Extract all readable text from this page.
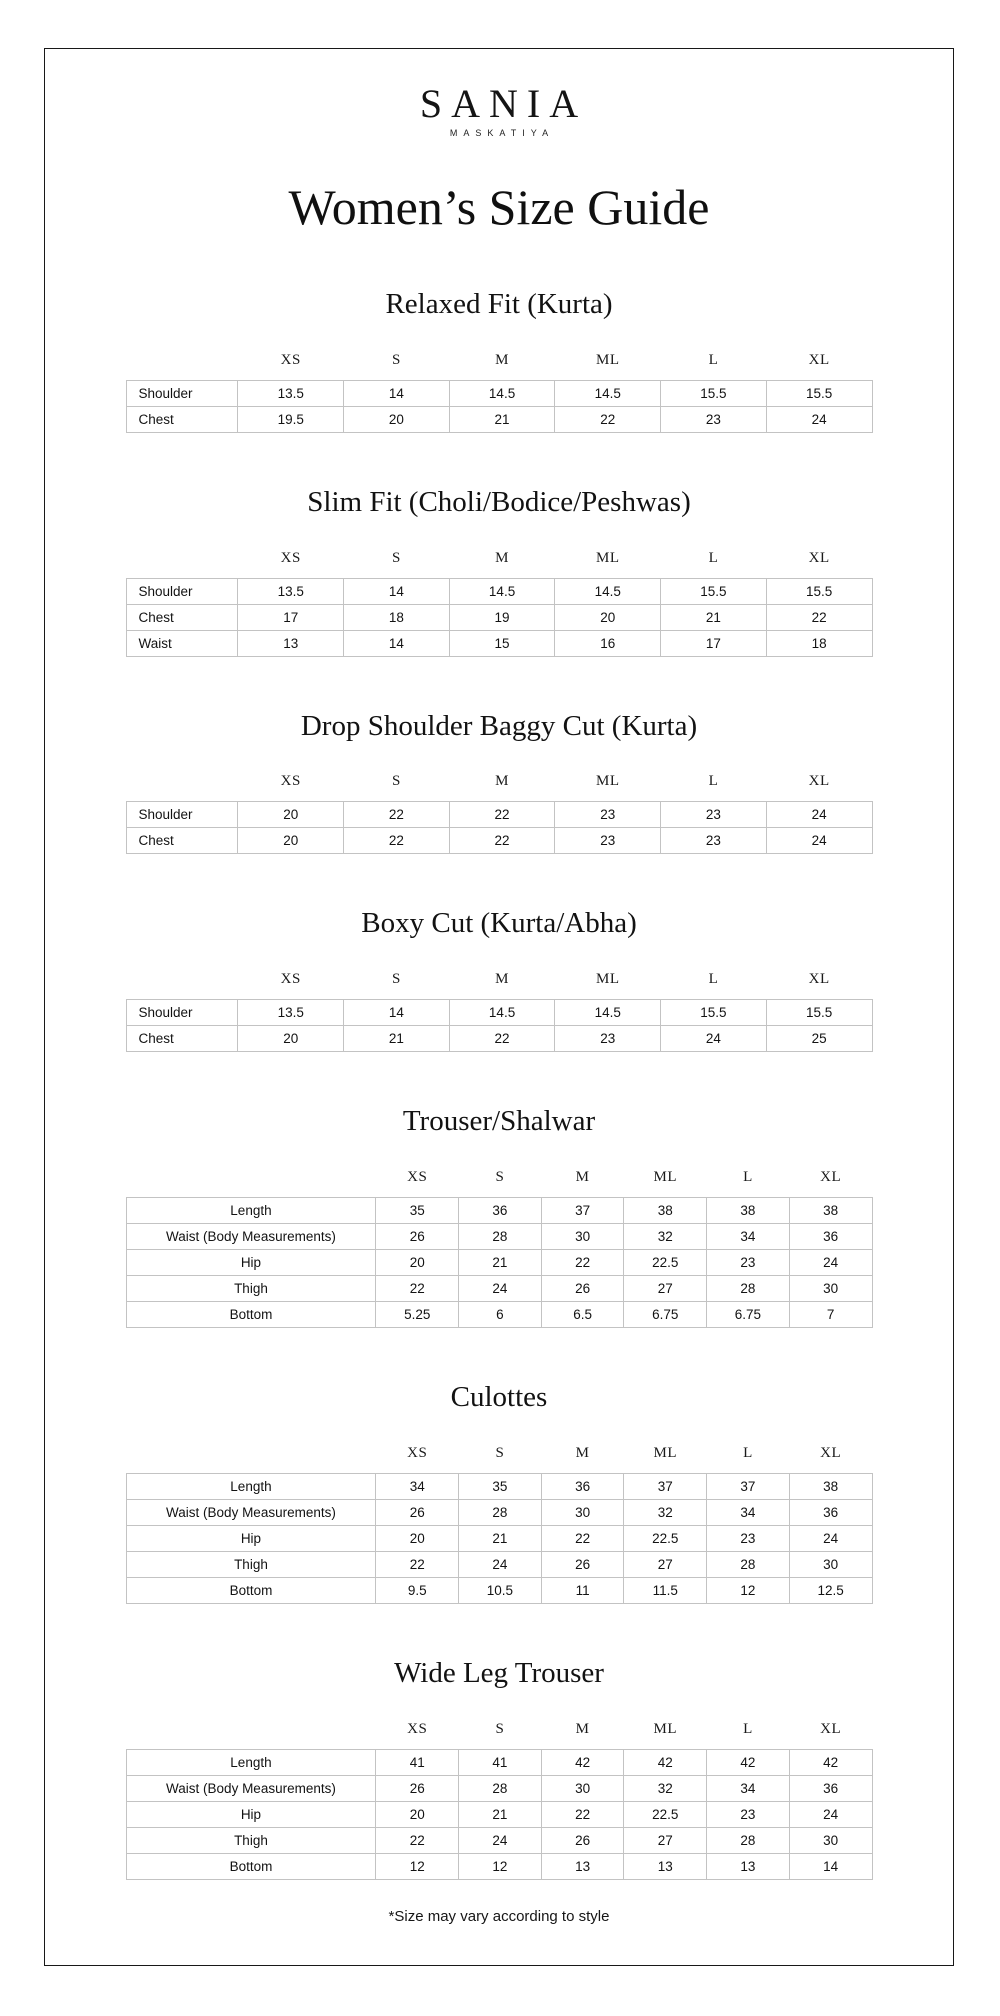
SANIA
MASKATIYA
Women’s Size Guide
Relaxed Fit (Kurta)
	XS	S	M	ML	L	XL
Shoulder	13.5	14	14.5	14.5	15.5	15.5
Chest	19.5	20	21	22	23	24
Slim Fit (Choli/Bodice/Peshwas)
	XS	S	M	ML	L	XL
Shoulder	13.5	14	14.5	14.5	15.5	15.5
Chest	17	18	19	20	21	22
Waist	13	14	15	16	17	18
Drop Shoulder Baggy Cut (Kurta)
	XS	S	M	ML	L	XL
Shoulder	20	22	22	23	23	24
Chest	20	22	22	23	23	24
Boxy Cut (Kurta/Abha)
	XS	S	M	ML	L	XL
Shoulder	13.5	14	14.5	14.5	15.5	15.5
Chest	20	21	22	23	24	25
Trouser/Shalwar
	XS	S	M	ML	L	XL
Length	35	36	37	38	38	38
Waist (Body Measurements)	26	28	30	32	34	36
Hip	20	21	22	22.5	23	24
Thigh	22	24	26	27	28	30
Bottom	5.25	6	6.5	6.75	6.75	7
Culottes
	XS	S	M	ML	L	XL
Length	34	35	36	37	37	38
Waist (Body Measurements)	26	28	30	32	34	36
Hip	20	21	22	22.5	23	24
Thigh	22	24	26	27	28	30
Bottom	9.5	10.5	11	11.5	12	12.5
Wide Leg Trouser
	XS	S	M	ML	L	XL
Length	41	41	42	42	42	42
Waist (Body Measurements)	26	28	30	32	34	36
Hip	20	21	22	22.5	23	24
Thigh	22	24	26	27	28	30
Bottom	12	12	13	13	13	14
*Size may vary according to style
